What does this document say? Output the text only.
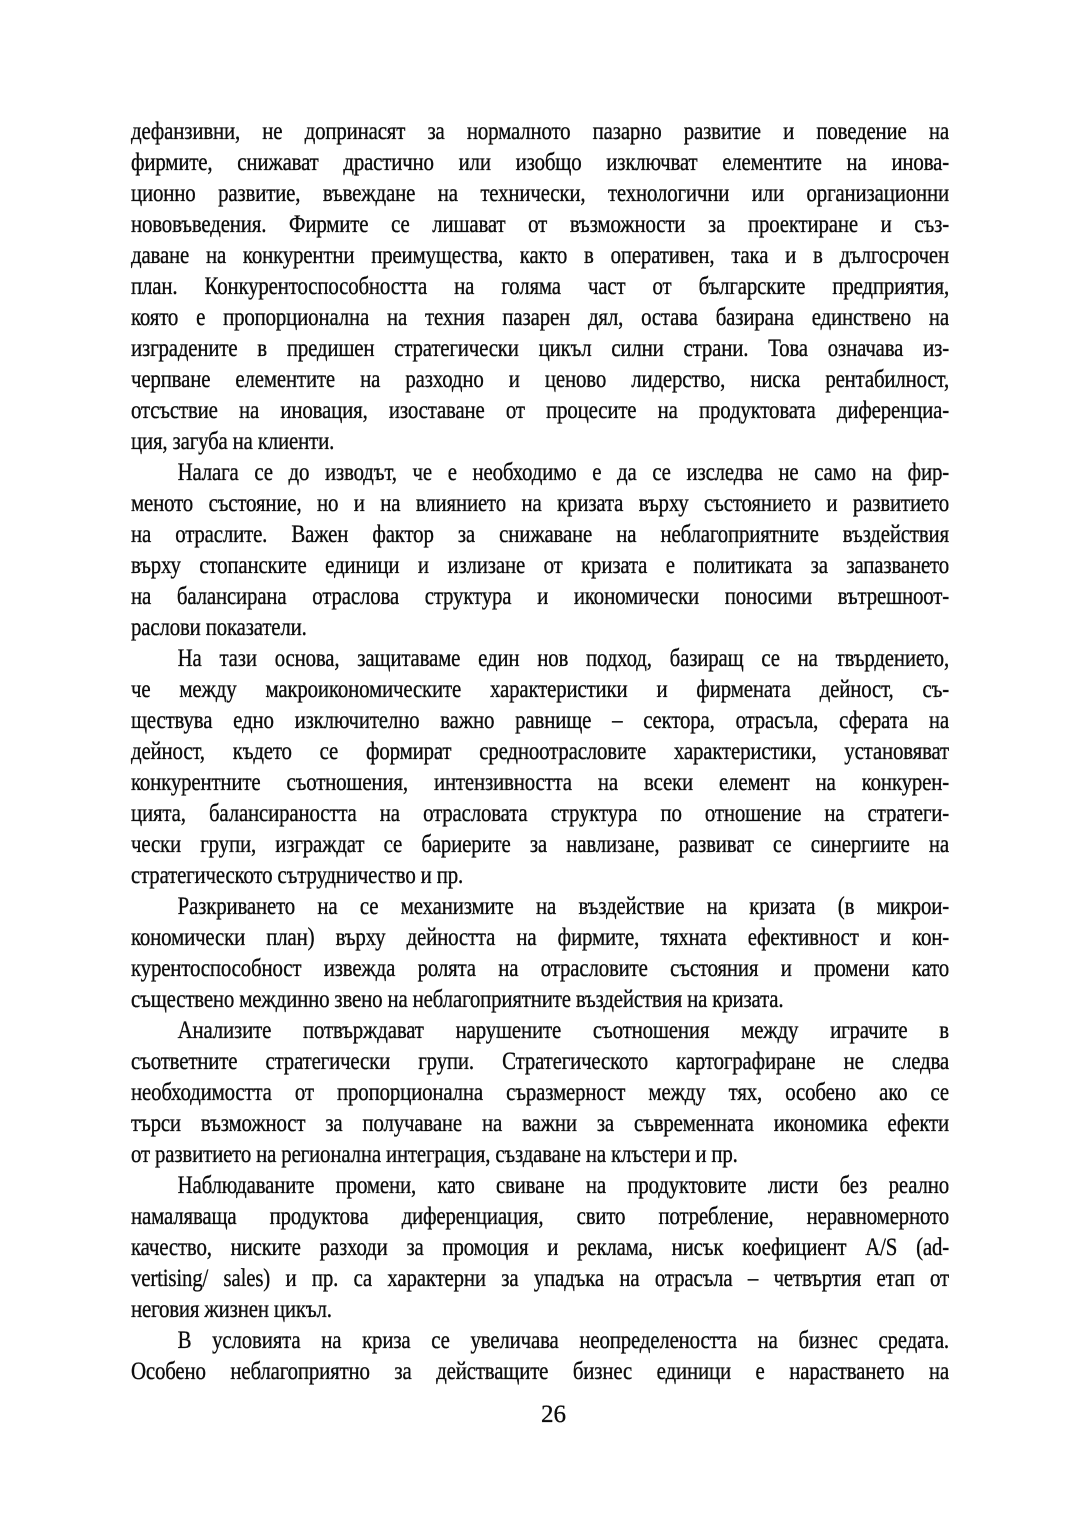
дефанзивни, не допринасят за нормалното пазарно развитие и поведение на
фирмите, снижават драстично или изобщо изключват елементите на инова-
ционно развитие, въвеждане на технически, технологични или организационни
нововъведения. Фирмите се лишават от възможности за проектиране и съз-
даване на конкурентни преимущества, както в оперативен, така и в дългосрочен
план. Конкурентоспособността на голяма част от българските предприятия,
която е пропорционална на техния пазарен дял, остава базирана единствено на
изградените в предишен стратегически цикъл силни страни. Това означава из-
черпване елементите на разходно и ценово лидерство, ниска рентабилност,
отсъствие на иновация, изоставане от процесите на продуктовата диференциа-
ция, загуба на клиенти.
Налага се до изводът, че е необходимо е да се изследва не само на фир-
меното състояние, но и на влиянието на кризата върху състоянието и развитието
на отраслите. Важен фактор за снижаване на неблагоприятните въздействия
върху стопанските единици и излизане от кризата е политиката за запазването
на балансирана отраслова структура и икономически поносими вътрешноот-
раслови показатели.
На тази основа, защитаваме един нов подход, базиращ се на твърдението,
че между макроикономическите характеристики и фирмената дейност, съ-
ществува едно изключително важно равнище – сектора, отрасъла, сферата на
дейност, където се формират средноотрасловите характеристики, установяват
конкурентните съотношения, интензивността на всеки елемент на конкурен-
цията, балансираността на отрасловата структура по отношение на стратеги-
чески групи, изграждат се бариерите за навлизане, развиват се синергиите на
стратегическото сътрудничество и пр.
Разкриването на се механизмите на въздействие на кризата (в микрои-
кономически план) върху дейността на фирмите, тяхната ефективност и кон-
курентоспособност извежда ролята на отрасловите състояния и промени като
съществено междинно звено на неблагоприятните въздействия на кризата.
Анализите потвърждават нарушените съотношения между играчите в
съответните стратегически групи. Стратегическото картографиране не следва
необходимостта от пропорционална съразмерност между тях, особено ако се
търси възможност за получаване на важни за съвременната икономика ефекти
от развитието на регионална интеграция, създаване на клъстери и пр.
Наблюдаваните промени, като свиване на продуктовите листи без реално
намаляваща продуктова диференциация, свито потребление, неравномерното
качество, ниските разходи за промоция и реклама, нисък коефициент A/S (ad-
vertising/ sales) и пр. са характерни за упадъка на отрасъла – четвъртия етап от
неговия жизнен цикъл.
В условията на криза се увеличава неопределеността на бизнес средата.
Особено неблагоприятно за действащите бизнес единици е нарастването на
26
